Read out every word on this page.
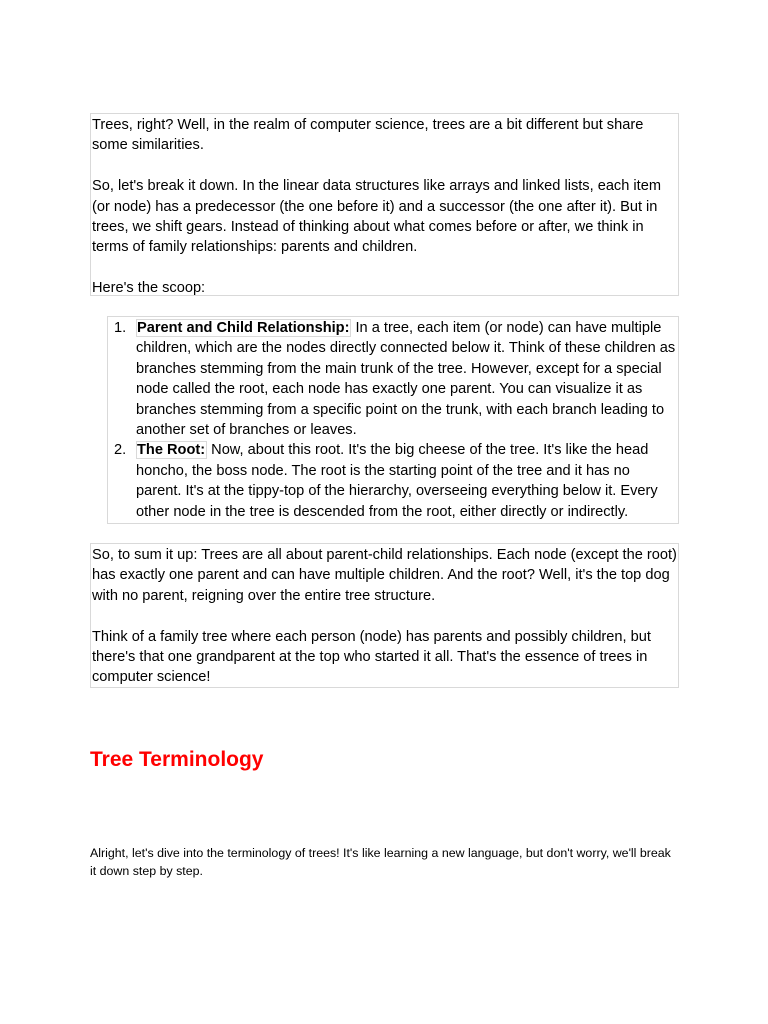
Trees, right? Well, in the realm of computer science, trees are a bit different but share some similarities.

So, let's break it down. In the linear data structures like arrays and linked lists, each item (or node) has a predecessor (the one before it) and a successor (the one after it). But in trees, we shift gears. Instead of thinking about what comes before or after, we think in terms of family relationships: parents and children.

Here's the scoop:

1. Parent and Child Relationship: In a tree, each item (or node) can have multiple children, which are the nodes directly connected below it. Think of these children as branches stemming from the main trunk of the tree. However, except for a special node called the root, each node has exactly one parent. You can visualize it as branches stemming from a specific point on the trunk, with each branch leading to another set of branches or leaves.
2. The Root: Now, about this root. It's the big cheese of the tree. It's like the head honcho, the boss node. The root is the starting point of the tree and it has no parent. It's at the tippy-top of the hierarchy, overseeing everything below it. Every other node in the tree is descended from the root, either directly or indirectly.

So, to sum it up: Trees are all about parent-child relationships. Each node (except the root) has exactly one parent and can have multiple children. And the root? Well, it's the top dog with no parent, reigning over the entire tree structure.

Think of a family tree where each person (node) has parents and possibly children, but there's that one grandparent at the top who started it all. That's the essence of trees in computer science!

Tree Terminology

Alright, let's dive into the terminology of trees! It's like learning a new language, but don't worry, we'll break it down step by step.
